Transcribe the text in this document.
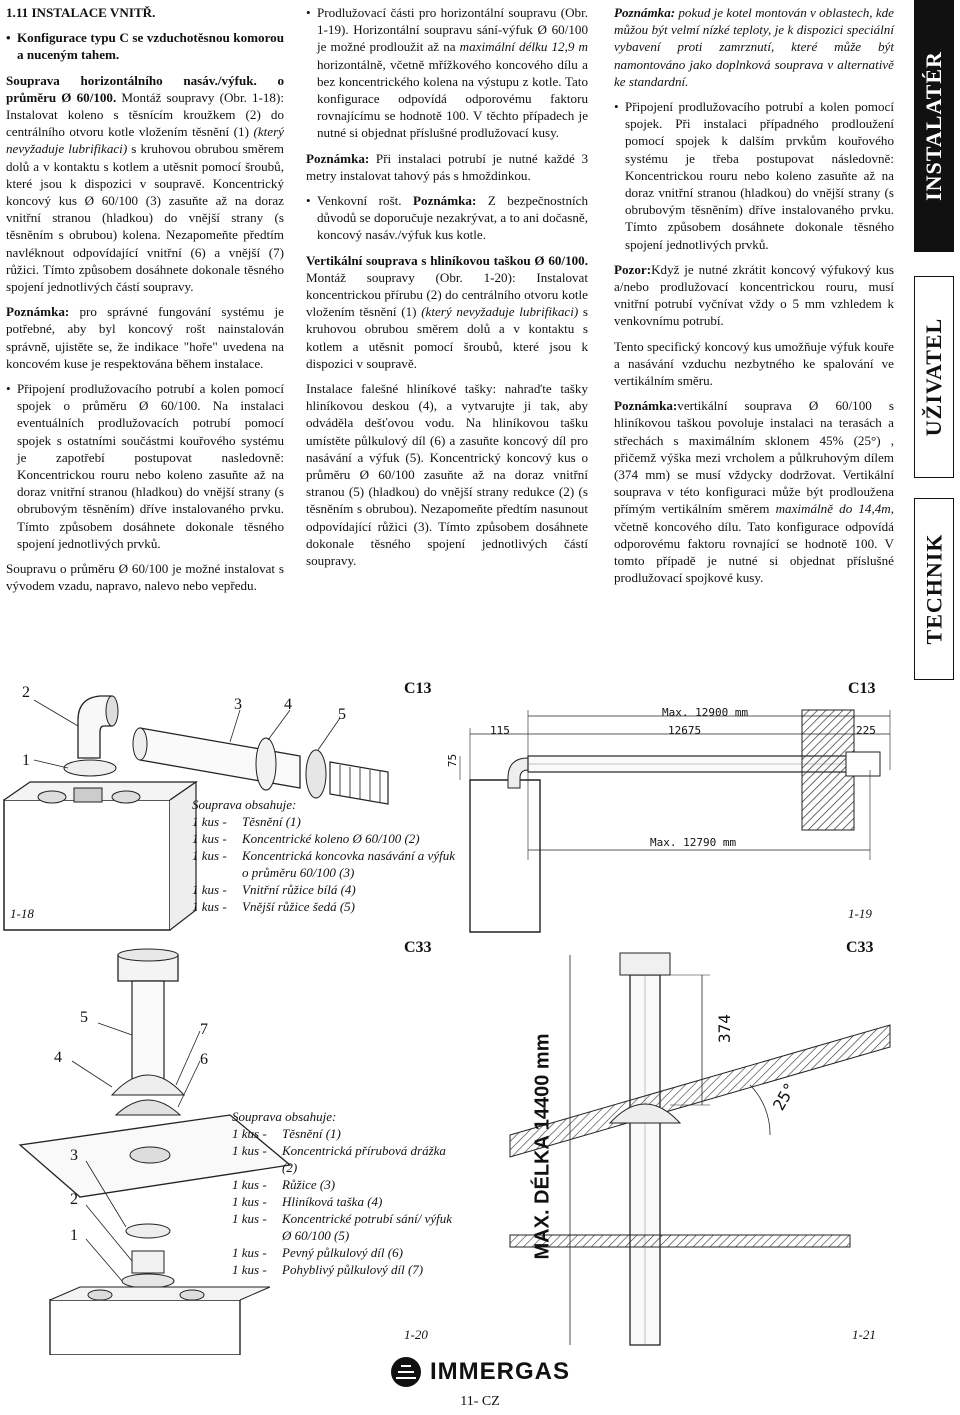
1.11 INSTALACE VNITŘ.

• Konfigurace typu C se vzduchotěsnou komorou a nuceným tahem.

Souprava horizontálního nasáv./výfuk. o průměru Ø 60/100. Montáž soupravy (Obr. 1-18): Instalovat koleno s těsnícím kroužkem (2) do centrálního otvoru kotle vložením těsnění (1) (který nevyžaduje lubrifikaci) s kruhovou obrubou směrem dolů a v kontaktu s kotlem a utěsnit pomocí šroubů, které jsou k dispozici v soupravě. Koncentrický koncový kus Ø 60/100 (3) zasuňte až na doraz vnitřní stranou (hladkou) do vnější strany (s těsněním s obrubou) kolena. Nezapomeňte předtím navléknout odpovídající vnitřní (6) a vnější (7) růžici. Tímto způsobem dosáhnete dokonale těsného spojení jednotlivých částí soupravy.

Poznámka: pro správné fungování systému je potřebné, aby byl koncový rošt nainstalován správně, ujistěte se, že indikace "hoře" uvedena na koncovém kuse je respektována během instalace.

• Připojení prodlužovacího potrubí a kolen pomocí spojek o průměru Ø 60/100. Na instalaci eventuálních prodlužovacích potrubí pomocí spojek s ostatními součástmi kouřového systému je zapotřebí postupovat nasledovně: Koncentrickou rouru nebo koleno zasuňte až na doraz vnitřní stranou (hladkou) do vnější strany (s obrubovým těsněním) dříve instalovaného prvku. Tímto způsobem dosáhnete dokonale těsného spojení jednotlivých prvků.

Soupravu o průměru Ø 60/100 je možné instalovat s vývodem vzadu, napravo, nalevo nebo vepředu.

• Prodlužovací části pro horizontální soupravu (Obr. 1-19). Horizontální soupravu sání-výfuk Ø 60/100 je možné prodloužit až na maximální délku 12,9 m horizontálně, včetně mřížkového koncového dílu a bez koncentrického kolena na výstupu z kotle. Tato konfigurace odpovídá odporovému faktoru rovnajícímu se hodnotě 100. V těchto případech je nutné si objednat příslušné prodlužovací kusy.

Poznámka: Při instalaci potrubí je nutné každé 3 metry instalovat tahový pás s hmoždinkou.

• Venkovní rošt. Poznámka: Z bezpečnostních důvodů se doporučuje nezakrývat, a to ani dočasně, koncový nasáv./výfuk kus kotle.

Vertikální souprava s hliníkovou taškou Ø 60/100. Montáž soupravy (Obr. 1-20): Instalovat koncentrickou přírubu (2) do centrálního otvoru kotle vložením těsnění (1) (který nevyžaduje lubrifikaci) s kruhovou obrubou směrem dolů a v kontaktu s kotlem a utěsnit pomocí šroubů, které jsou k dispozici v soupravě.

Instalace falešné hliníkové tašky: nahraďte tašky hliníkovou deskou (4), a vytvarujte ji tak, aby odváděla dešťovou vodu. Na hliníkovou tašku umístěte půlkulový díl (6) a zasuňte koncový díl pro nasávání a výfuk (5). Koncentrický koncový kus o průměru Ø 60/100 zasuňte až na doraz vnitřní stranou (5) (hladkou) do vnější strany redukce (2) (s těsněním s obrubou). Nezapomeňte předtím nasunout odpovídající růžici (3). Tímto způsobem dosáhnete dokonale těsného spojení jednotlivých částí soupravy.

Poznámka: pokud je kotel montován v oblastech, kde můžou být velmí nízké teploty, je k dispozici speciální vybavení proti zamrznutí, které může být namontováno jako doplnková souprava v alternativě ke standardní.

• Připojení prodlužovacího potrubí a kolen pomocí spojek. Při instalaci případného prodloužení pomocí spojek k dalším prvkům kouřového systému je třeba postupovat následovně: Koncentrickou rouru nebo koleno zasuňte až na doraz vnitřní stranou (hladkou) do vnější strany (s obrubovým těsněním) dříve instalovaného prvku. Tímto způsobem dosáhnete dokonale těsného spojení jednotlivých prvků.

Pozor:Když je nutné zkrátit koncový výfukový kus a/nebo prodlužovací koncentrickou rouru, musí vnitřní potrubí vyčnívat vždy o 5 mm vzhledem k venkovnímu potrubí.

Tento specifický koncový kus umožňuje výfuk kouře a nasávání vzduchu nezbytného ke spalování ve vertikálním směru.

Poznámka:vertikální souprava Ø 60/100 s hliníkovou taškou povoluje instalaci na terasách a střechách s maximálním sklonem 45% (25°) , přičemž výška mezi vrcholem a půlkruhovým dílem (374 mm) se musí vždycky dodržovat. Vertikální souprava v této konfiguraci může být prodloužena přímým vertikálním směrem maximálně do 14,4m, včetně koncového dílu. Tato konfigurace odpovídá odporovému faktoru rovnající se hodnotě 100. V tomto případě je nutné si objednat příslušné prodlužovací spojkové kusy.

INSTALATÉR
UŽIVATEL
TECHNIK
2
1
3	4
5
C13
1-18
Souprava obsahuje:
1 kus -	Těsnění (1)
1 kus -	Koncentrické koleno Ø 60/100 (2)
1 kus -	Koncentrická koncovka nasávání a výfuk o průměru 60/100 (3)
1 kus -	Vnitřní růžice bílá (4)
1 kus -	Vnější růžice šedá (5)
Max. 12900 mm
115	12675	225
75
Max. 12790 mm
C13
1-19
5
4
7
6
3
2
1
C33
1-20
Souprava obsahuje:
1 kus -	Těsnění (1)
1 kus -	Koncentrická přírubová drážka (2)
1 kus -	Růžice (3)
1 kus -	Hliníková taška (4)
1 kus -	Koncentrické potrubí sání/ výfuk Ø 60/100 (5)
1 kus -	Pevný půlkulový díl (6)
1 kus -	Pohyblivý půlkulový díl (7)
MAX. DÉLKA 14400 mm
374
25°
C33
1-21
IMMERGAS
11- CZ
